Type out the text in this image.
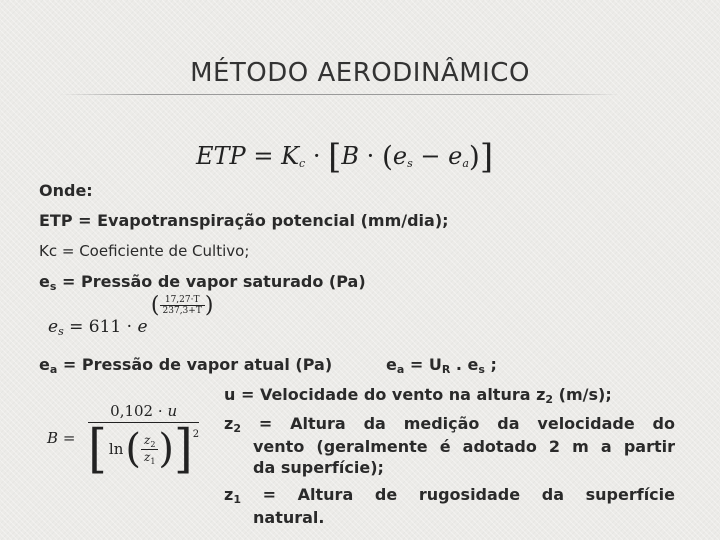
MÉTODO AERODINÂMICO
ETP = $K_c \cdot [B \cdot (e_s - e_a)]$
Onde:
ETP = Evapotranspiração potencial (mm/dia);
Kc = Coeficiente de Cultivo;
$e_s$ = Pressão de vapor saturado (Pa)
$e_s = 611 \cdot e$ ( $\frac{17,27\cdot T}{237,3+T}$ )
$e_a$ = Pressão de vapor atual (Pa)	$e_a = U_R$ . $e_s$ ;
B =
0,102 · u
[ ln ( $\frac{z_2}{z_1}$ ) ]$^2$
u = Velocidade do vento na altura $z_2$ (m/s);
$z_2$ = Altura da medição da velocidade do
vento (geralmente é adotado 2 m a partir
da superfície);
$z_1$ = Altura de rugosidade da superfície
natural.
